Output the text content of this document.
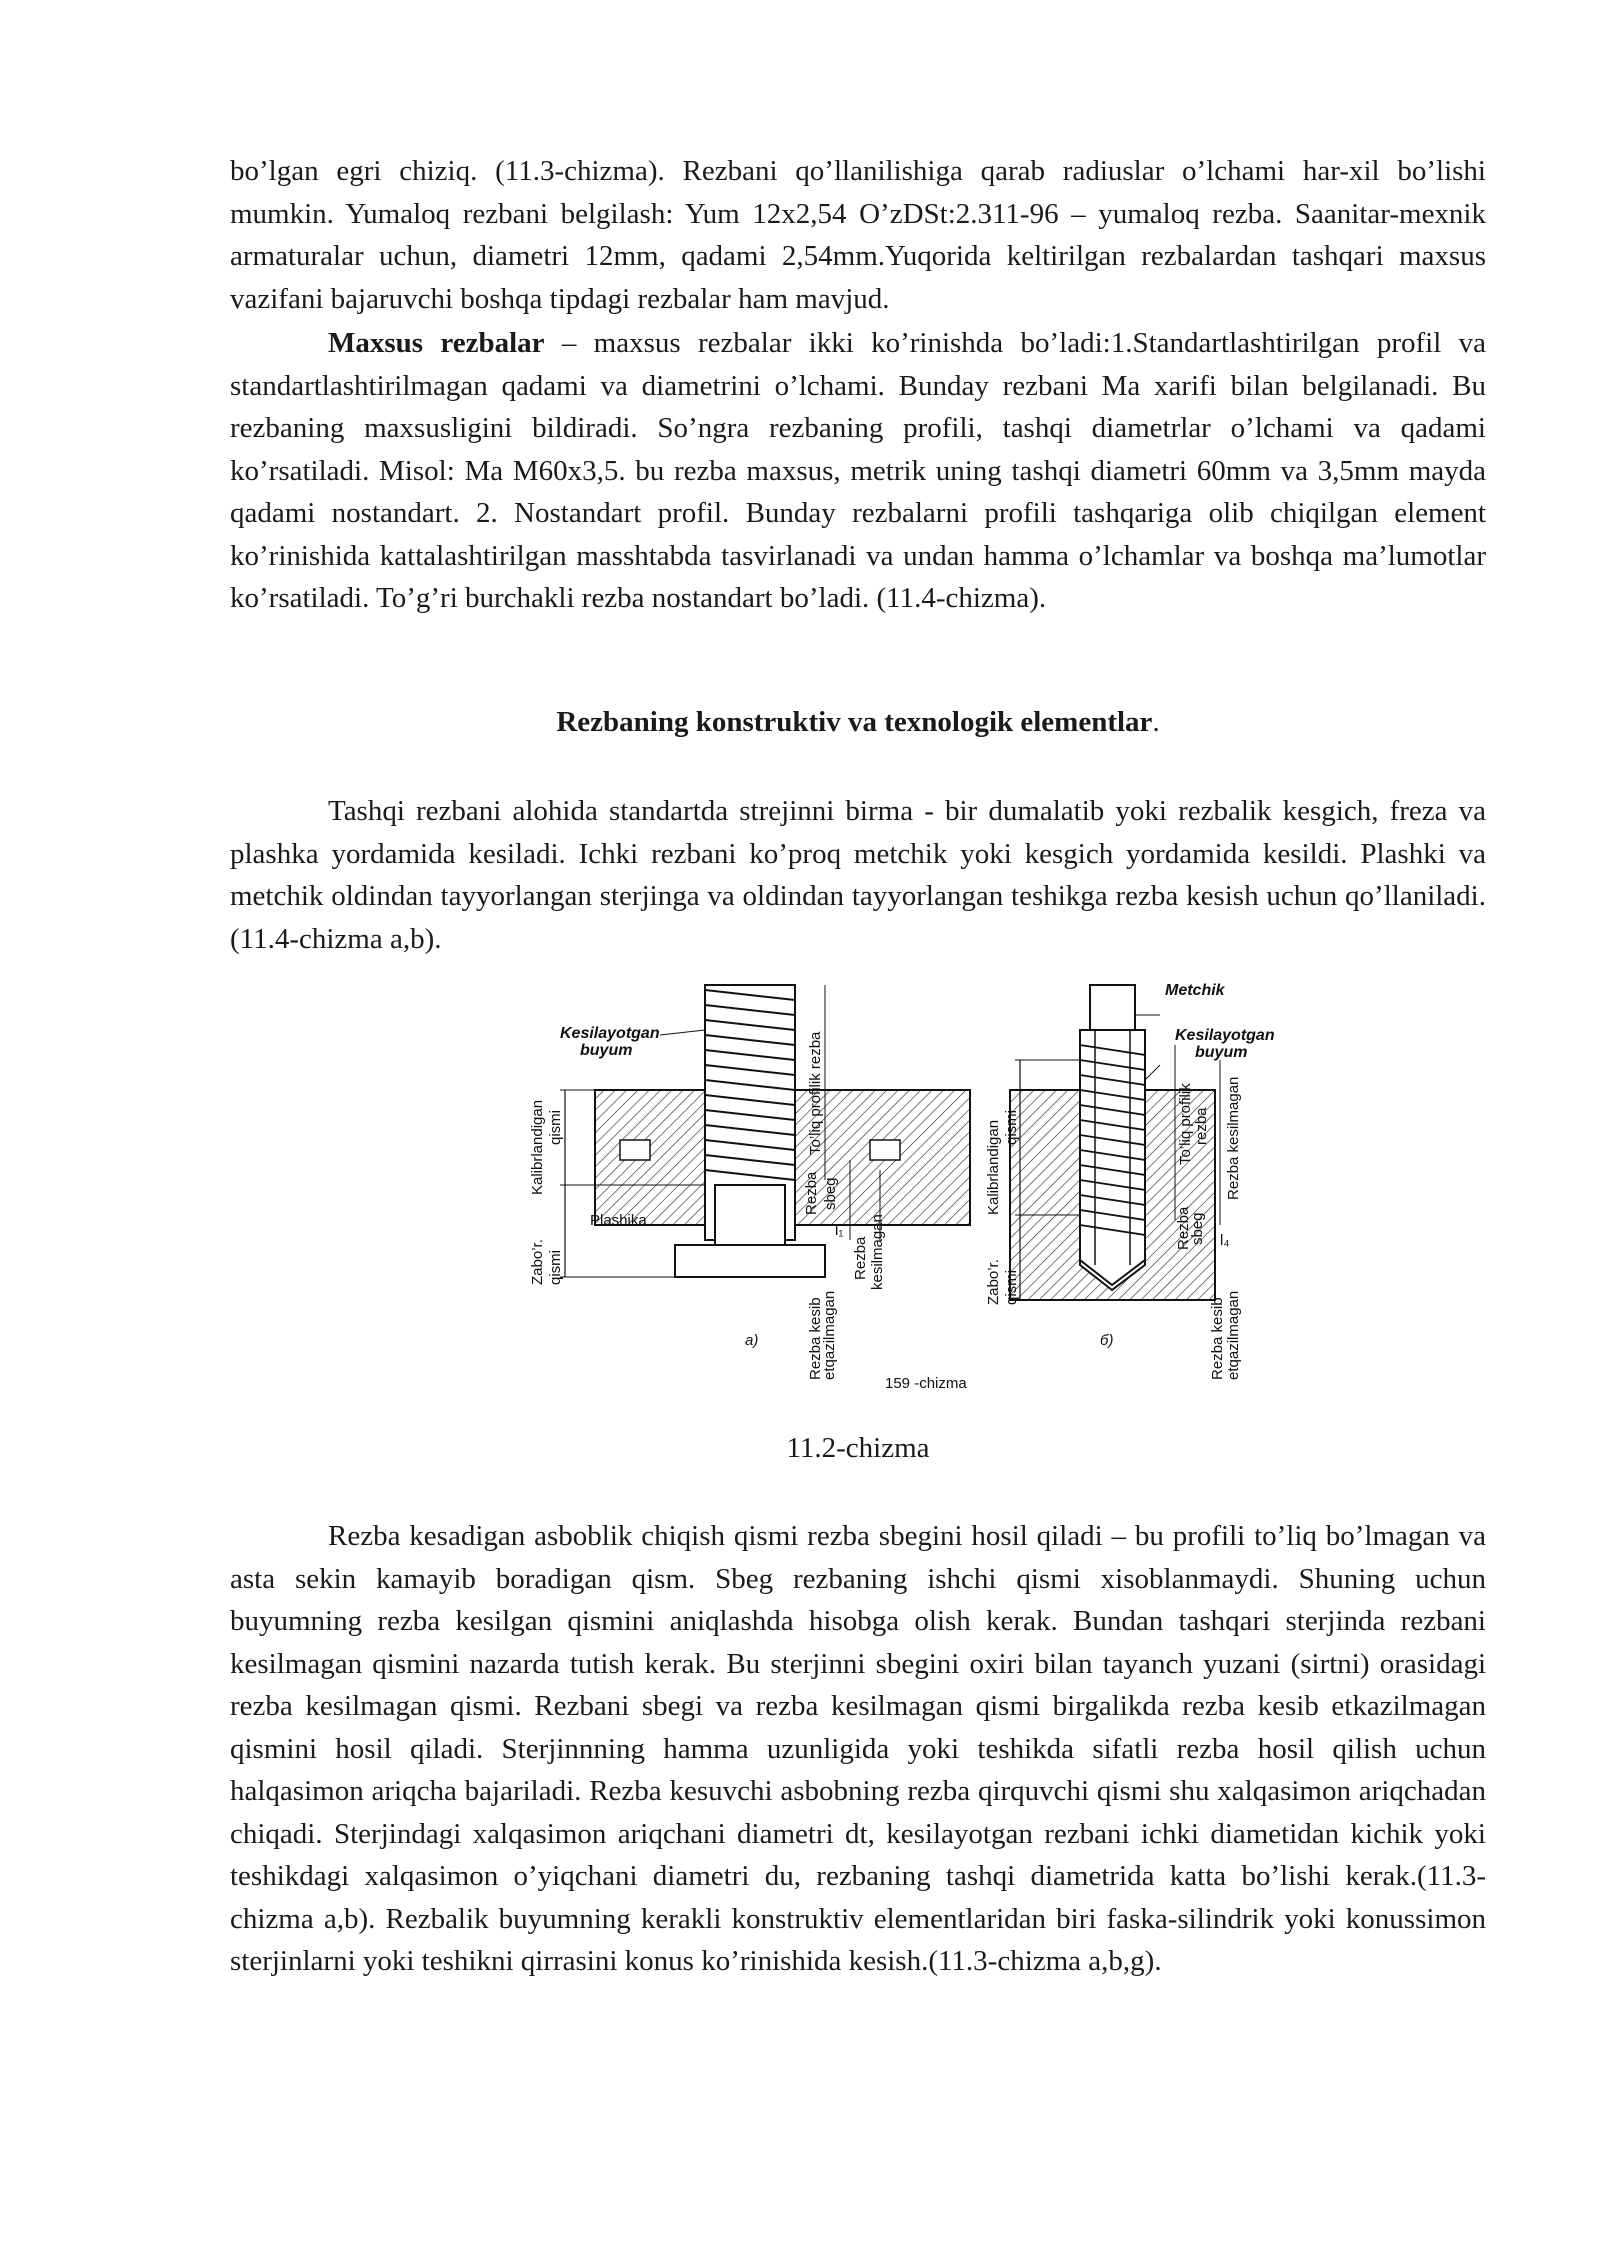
bo’lgan egri chiziq. (11.3-chizma). Rezbani qo’llanilishiga qarab radiuslar o’lchami har-xil bo’lishi mumkin. Yumaloq rezbani belgilash: Yum 12x2,54 O’zDSt:2.311-96 – yumaloq rezba. Saanitar-mexnik armaturalar uchun, diametri 12mm, qadami 2,54mm.Yuqorida keltirilgan rezbalardan tashqari maxsus vazifani bajaruvchi boshqa tipdagi rezbalar ham mavjud.

Maxsus rezbalar – maxsus rezbalar ikki ko’rinishda bo’ladi:1.Standartlashtirilgan profil va standartlashtirilmagan qadami va diametrini o’lchami. Bunday rezbani Ma xarifi bilan belgilanadi. Bu rezbaning maxsusligini bildiradi. So’ngra rezbaning profili, tashqi diametrlar o’lchami va qadami ko’rsatiladi. Misol: Ma M60x3,5. bu rezba maxsus, metrik uning tashqi diametri 60mm va 3,5mm mayda qadami nostandart. 2. Nostandart profil. Bunday rezbalarni profili tashqariga olib chiqilgan element ko’rinishida kattalashtirilgan masshtabda tasvirlanadi va undan hamma o’lchamlar va boshqa ma’lumotlar ko’rsatiladi. To’g’ri burchakli rezba nostandart bo’ladi. (11.4-chizma).

Rezbaning konstruktiv va texnologik elementlar.

Tashqi rezbani alohida standartda strejinni birma - bir dumalatib yoki rezbalik kesgich, freza va plashka yordamida kesiladi. Ichki rezbani ko’proq metchik yoki kesgich yordamida kesildi. Plashki va metchik oldindan tayyorlangan sterjinga va oldindan tayyorlangan teshikga rezba kesish uchun qo’llaniladi. (11.4-chizma a,b).

Kesilayotgan
buyum
Kalibrlandigan qismi	To’liq profilik rezba
Plashika
Zabo’r. qismi
Rezba sbeg
l₁
Rezba kesilmagan
Rezba kesib
etqazilmagan
a)
Metchik
Kesilayotgan
buyum
Kalibrlandigan qismi	To’liq profilik rezba Rezba kesilmagan
Rezba
sbeg l₄
Zabo’r. qismi
Rezba kesib etqazilmagan
б)
159 -chizma
11.2-chizma

Rezba kesadigan asboblik chiqish qismi rezba sbegini hosil qiladi – bu profili to’liq bo’lmagan va asta sekin kamayib boradigan qism. Sbeg rezbaning ishchi qismi xisoblanmaydi. Shuning uchun buyumning rezba kesilgan qismini aniqlashda hisobga olish kerak. Bundan tashqari sterjinda rezbani kesilmagan qismini nazarda tutish kerak. Bu sterjinni sbegini oxiri bilan tayanch yuzani (sirtni) orasidagi rezba kesilmagan qismi. Rezbani sbegi va rezba kesilmagan qismi birgalikda rezba kesib etkazilmagan qismini hosil qiladi. Sterjinnning hamma uzunligida yoki teshikda sifatli rezba hosil qilish uchun halqasimon ariqcha bajariladi. Rezba kesuvchi asbobning rezba qirquvchi qismi shu xalqasimon ariqchadan chiqadi. Sterjindagi xalqasimon ariqchani diametri dt, kesilayotgan rezbani ichki diametidan kichik yoki teshikdagi xalqasimon o’yiqchani diametri du, rezbaning tashqi diametrida katta bo’lishi kerak.(11.3-chizma a,b). Rezbalik buyumning kerakli konstruktiv elementlaridan biri faska-silindrik yoki konussimon sterjinlarni yoki teshikni qirrasini konus ko’rinishida kesish.(11.3-chizma a,b,g).
